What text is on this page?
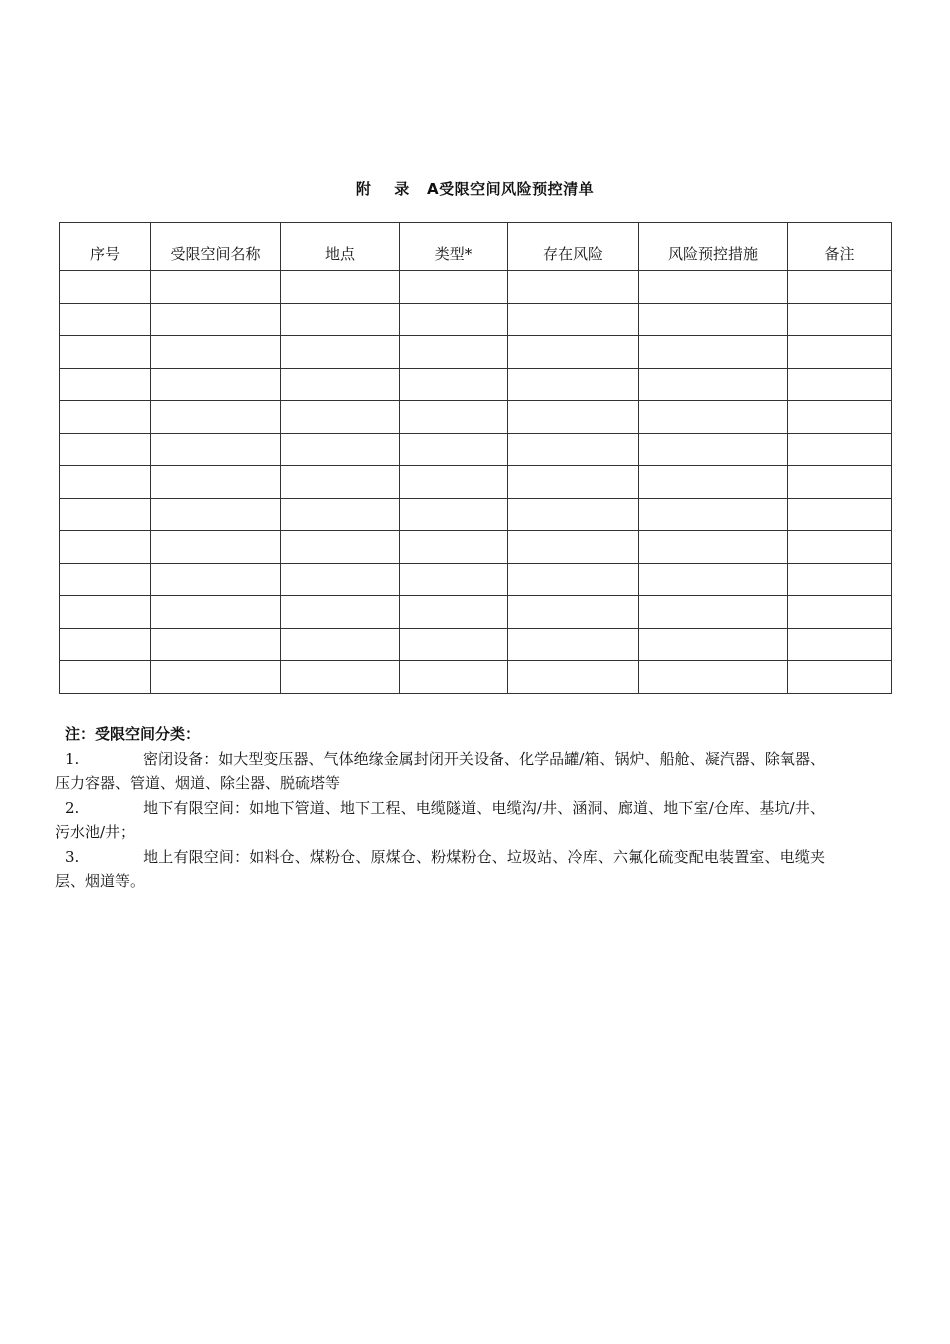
附    录   A受限空间风险预控清单
序号	受限空间名称	地点	类型*	存在风险	风险预控措施	备注

注：受限空间分类：
1.	密闭设备：如大型变压器、气体绝缘金属封闭开关设备、化学品罐/箱、锅炉、船舱、凝汽器、除氧器、压力容器、管道、烟道、除尘器、脱硫塔等
2.	地下有限空间：如地下管道、地下工程、电缆隧道、电缆沟/井、涵洞、廊道、地下室/仓库、基坑/井、污水池/井；
3.	地上有限空间：如料仓、煤粉仓、原煤仓、粉煤粉仓、垃圾站、冷库、六氟化硫变配电装置室、电缆夹层、烟道等。
